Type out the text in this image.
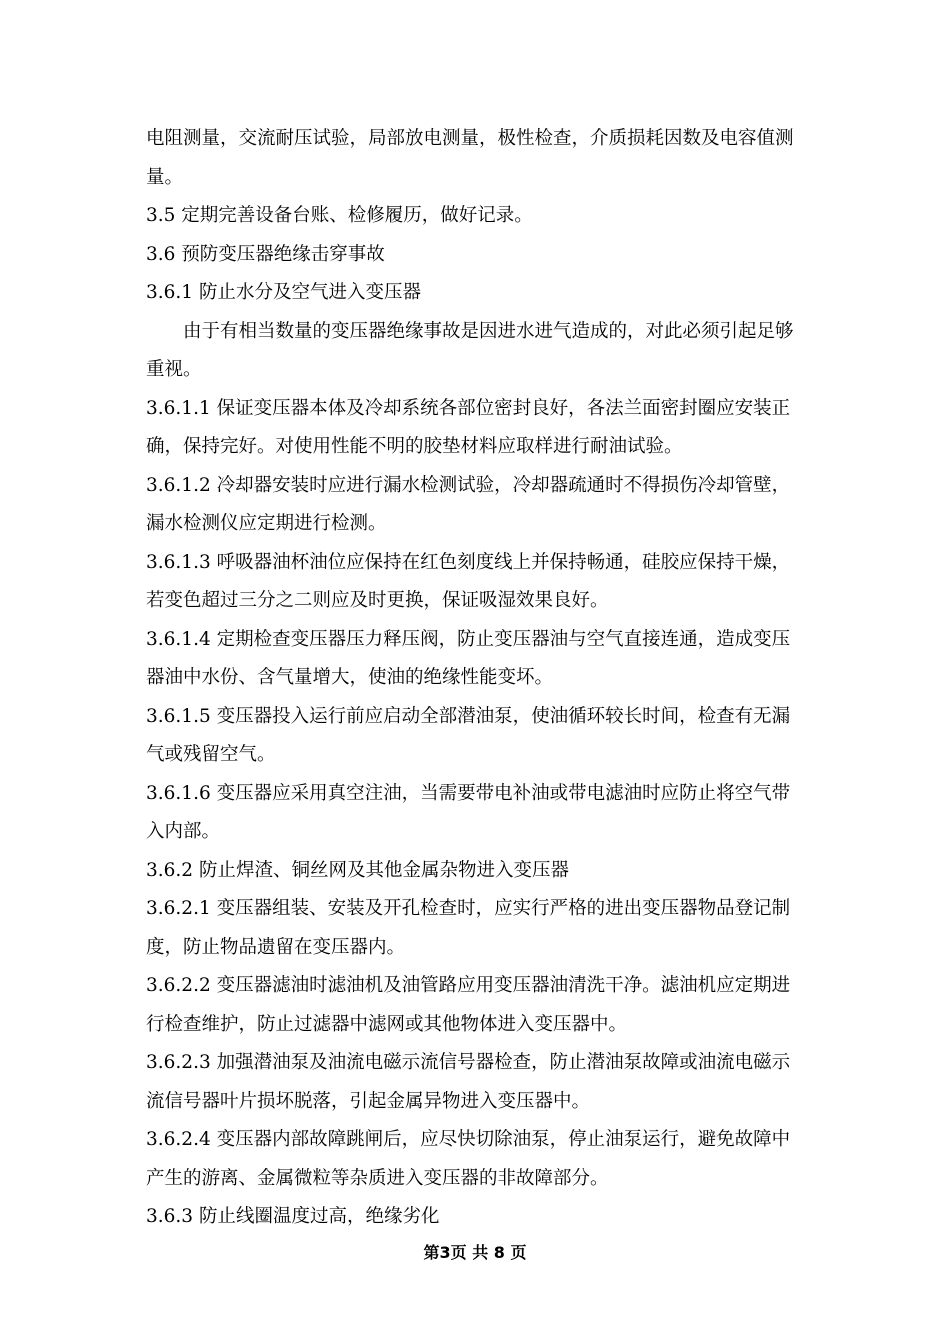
电阻测量，交流耐压试验，局部放电测量，极性检查，介质损耗因数及电容值测
量。
3.5 定期完善设备台账、检修履历，做好记录。
3.6 预防变压器绝缘击穿事故
3.6.1 防止水分及空气进入变压器
由于有相当数量的变压器绝缘事故是因进水进气造成的，对此必须引起足够
重视。
3.6.1.1 保证变压器本体及冷却系统各部位密封良好，各法兰面密封圈应安装正
确，保持完好。对使用性能不明的胶垫材料应取样进行耐油试验。
3.6.1.2 冷却器安装时应进行漏水检测试验，冷却器疏通时不得损伤冷却管壁，
漏水检测仪应定期进行检测。
3.6.1.3 呼吸器油杯油位应保持在红色刻度线上并保持畅通，硅胶应保持干燥，
若变色超过三分之二则应及时更换，保证吸湿效果良好。
3.6.1.4 定期检查变压器压力释压阀，防止变压器油与空气直接连通，造成变压
器油中水份、含气量增大，使油的绝缘性能变坏。
3.6.1.5 变压器投入运行前应启动全部潜油泵，使油循环较长时间，检查有无漏
气或残留空气。
3.6.1.6 变压器应采用真空注油，当需要带电补油或带电滤油时应防止将空气带
入内部。
3.6.2 防止焊渣、铜丝网及其他金属杂物进入变压器
3.6.2.1 变压器组装、安装及开孔检查时，应实行严格的进出变压器物品登记制
度，防止物品遗留在变压器内。
3.6.2.2 变压器滤油时滤油机及油管路应用变压器油清洗干净。滤油机应定期进
行检查维护，防止过滤器中滤网或其他物体进入变压器中。
3.6.2.3 加强潜油泵及油流电磁示流信号器检查，防止潜油泵故障或油流电磁示
流信号器叶片损坏脱落，引起金属异物进入变压器中。
3.6.2.4 变压器内部故障跳闸后，应尽快切除油泵，停止油泵运行，避免故障中
产生的游离、金属微粒等杂质进入变压器的非故障部分。
3.6.3 防止线圈温度过高，绝缘劣化
第3页 共 8 页
